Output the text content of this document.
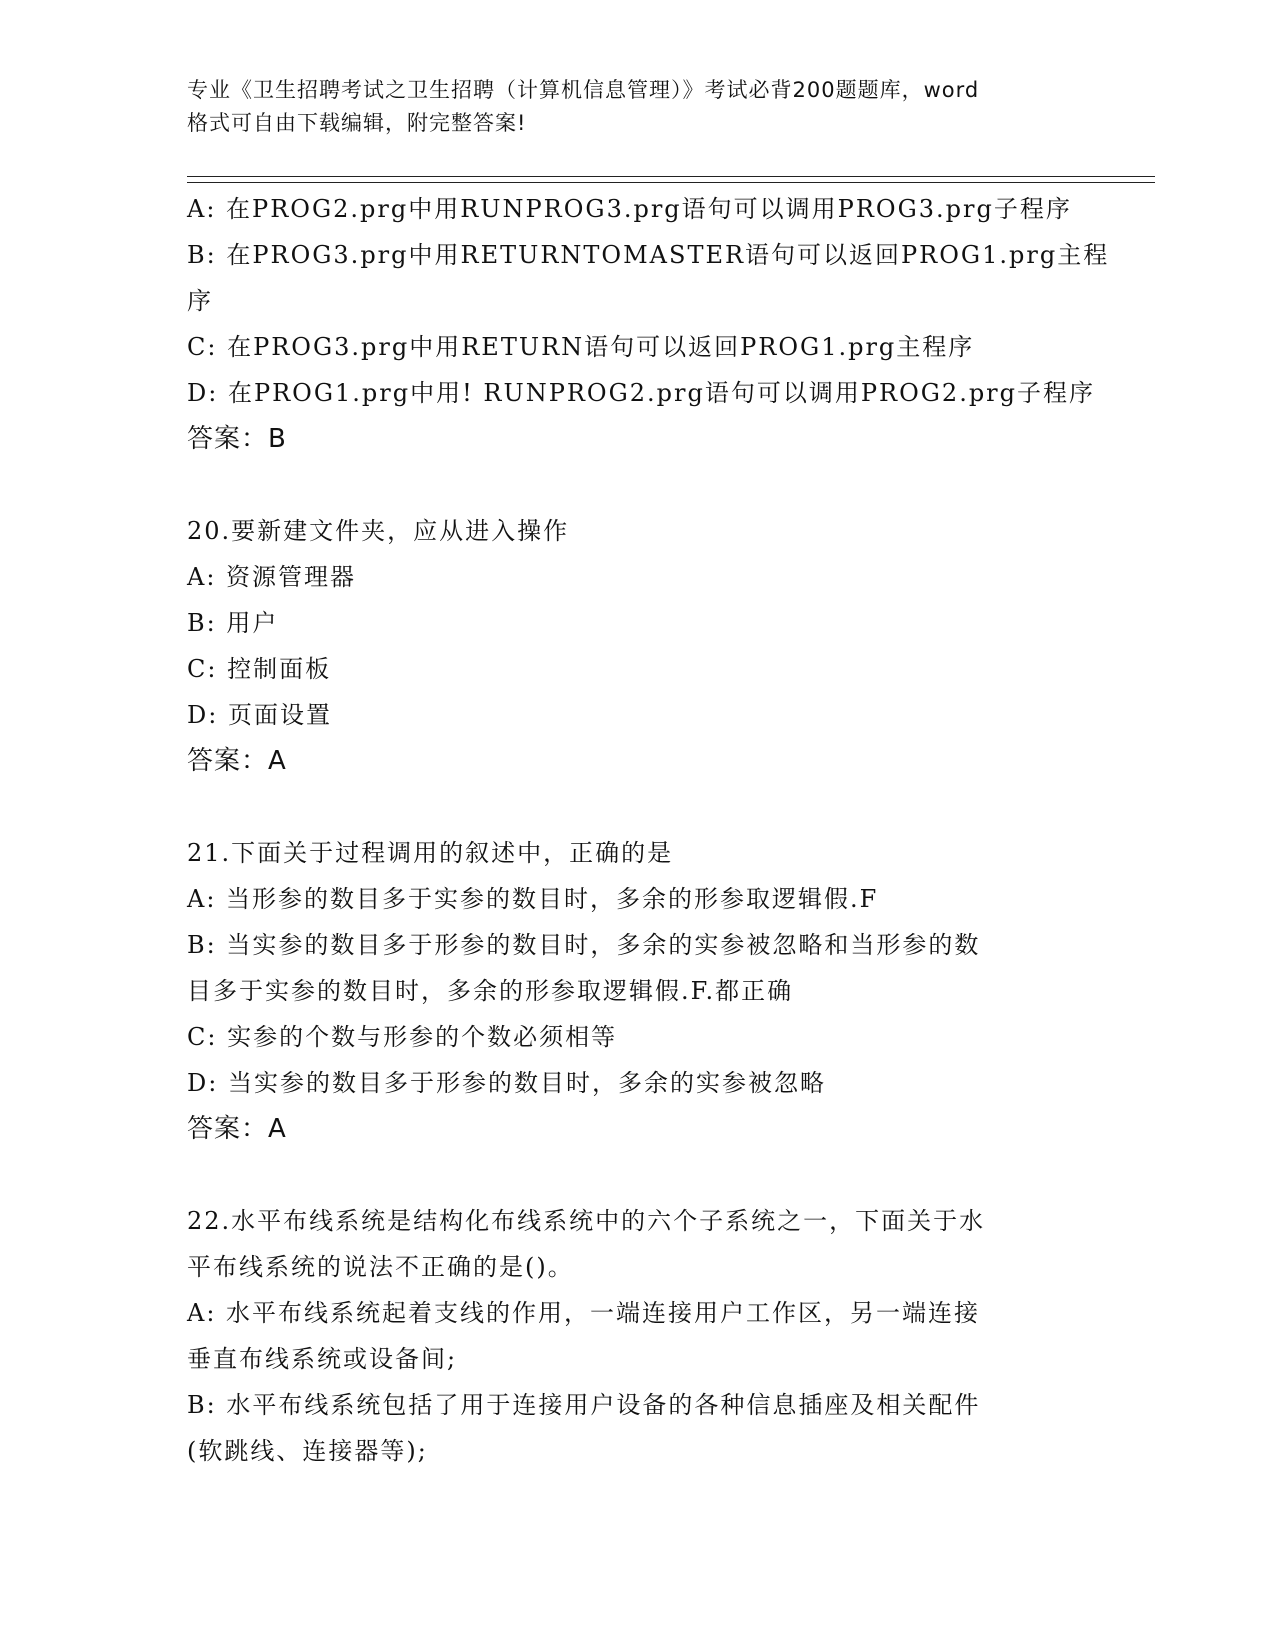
专业《卫生招聘考试之卫生招聘（计算机信息管理）》考试必背200题题库，word
格式可自由下载编辑，附完整答案!
A: 在PROG2.prg中用RUNPROG3.prg语句可以调用PROG3.prg子程序
B: 在PROG3.prg中用RETURNTOMASTER语句可以返回PROG1.prg主程
序
C: 在PROG3.prg中用RETURN语句可以返回PROG1.prg主程序
D: 在PROG1.prg中用! RUNPROG2.prg语句可以调用PROG2.prg子程序
答案：B
20.要新建文件夹，应从进入操作
A: 资源管理器
B: 用户
C: 控制面板
D: 页面设置
答案：A
21.下面关于过程调用的叙述中，正确的是
A: 当形参的数目多于实参的数目时，多余的形参取逻辑假.F
B: 当实参的数目多于形参的数目时，多余的实参被忽略和当形参的数
目多于实参的数目时，多余的形参取逻辑假.F.都正确
C: 实参的个数与形参的个数必须相等
D: 当实参的数目多于形参的数目时，多余的实参被忽略
答案：A
22.水平布线系统是结构化布线系统中的六个子系统之一，下面关于水
平布线系统的说法不正确的是()。
A: 水平布线系统起着支线的作用，一端连接用户工作区，另一端连接
垂直布线系统或设备间;
B: 水平布线系统包括了用于连接用户设备的各种信息插座及相关配件
(软跳线、连接器等);
